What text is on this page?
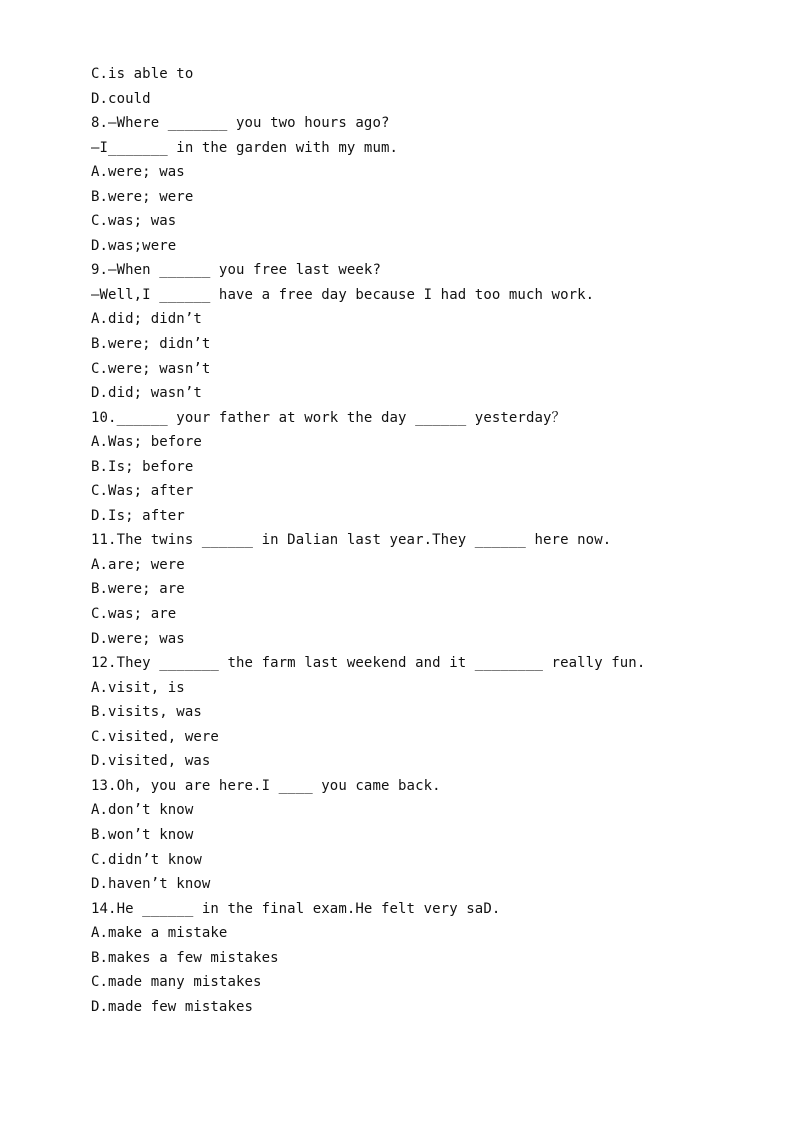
C.is able to
D.could
8.—Where _______ you two hours ago?
—I_______ in the garden with my mum.
A.were; was
B.were; were
C.was; was
D.was;were
9.—When ______ you free last week?
—Well,I ______ have a free day because I had too much work.
A.did; didn’t
B.were; didn’t
C.were; wasn’t
D.did; wasn’t
10.______ your father at work the day ______ yesterday？
A.Was; before
B.Is; before
C.Was; after
D.Is; after
11.The twins ______ in Dalian last year.They ______ here now.
A.are; were
B.were; are
C.was; are
D.were; was
12.They _______ the farm last weekend and it ________ really fun.
A.visit, is
B.visits, was
C.visited, were
D.visited, was
13.Oh, you are here.I ____ you came back.
A.don’t know
B.won’t know
C.didn’t know
D.haven’t know
14.He ______ in the final exam.He felt very saD.
A.make a mistake
B.makes a few mistakes
C.made many mistakes
D.made few mistakes
